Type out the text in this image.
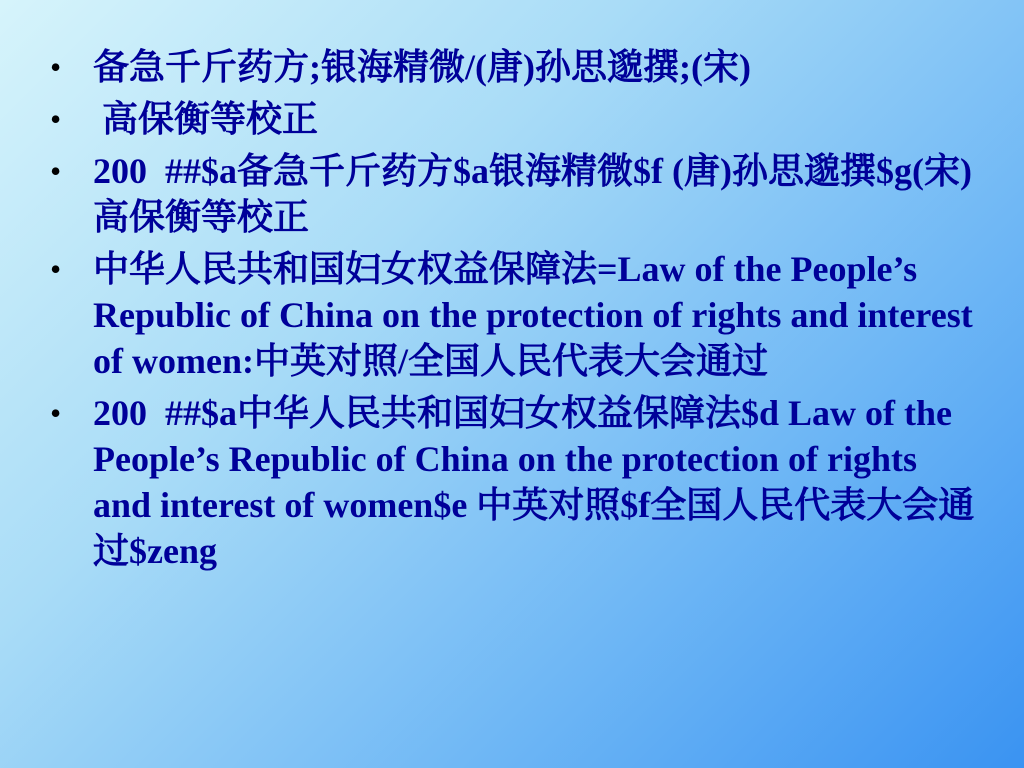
• 备急千斤药方;银海精微/(唐)孙思邈撰;(宋)
• 高保衡等校正
• 200  ##$a备急千斤药方$a银海精微$f (唐)孙思邈撰$g(宋)高保衡等校正
• 中华人民共和国妇女权益保障法=Law of the People’s Republic of China on the protection of rights and interest of women:中英对照/全国人民代表大会通过
• 200  ##$a中华人民共和国妇女权益保障法$d Law of the People’s Republic of China on the protection of rights and interest of women$e 中英对照$f全国人民代表大会通过$zeng
